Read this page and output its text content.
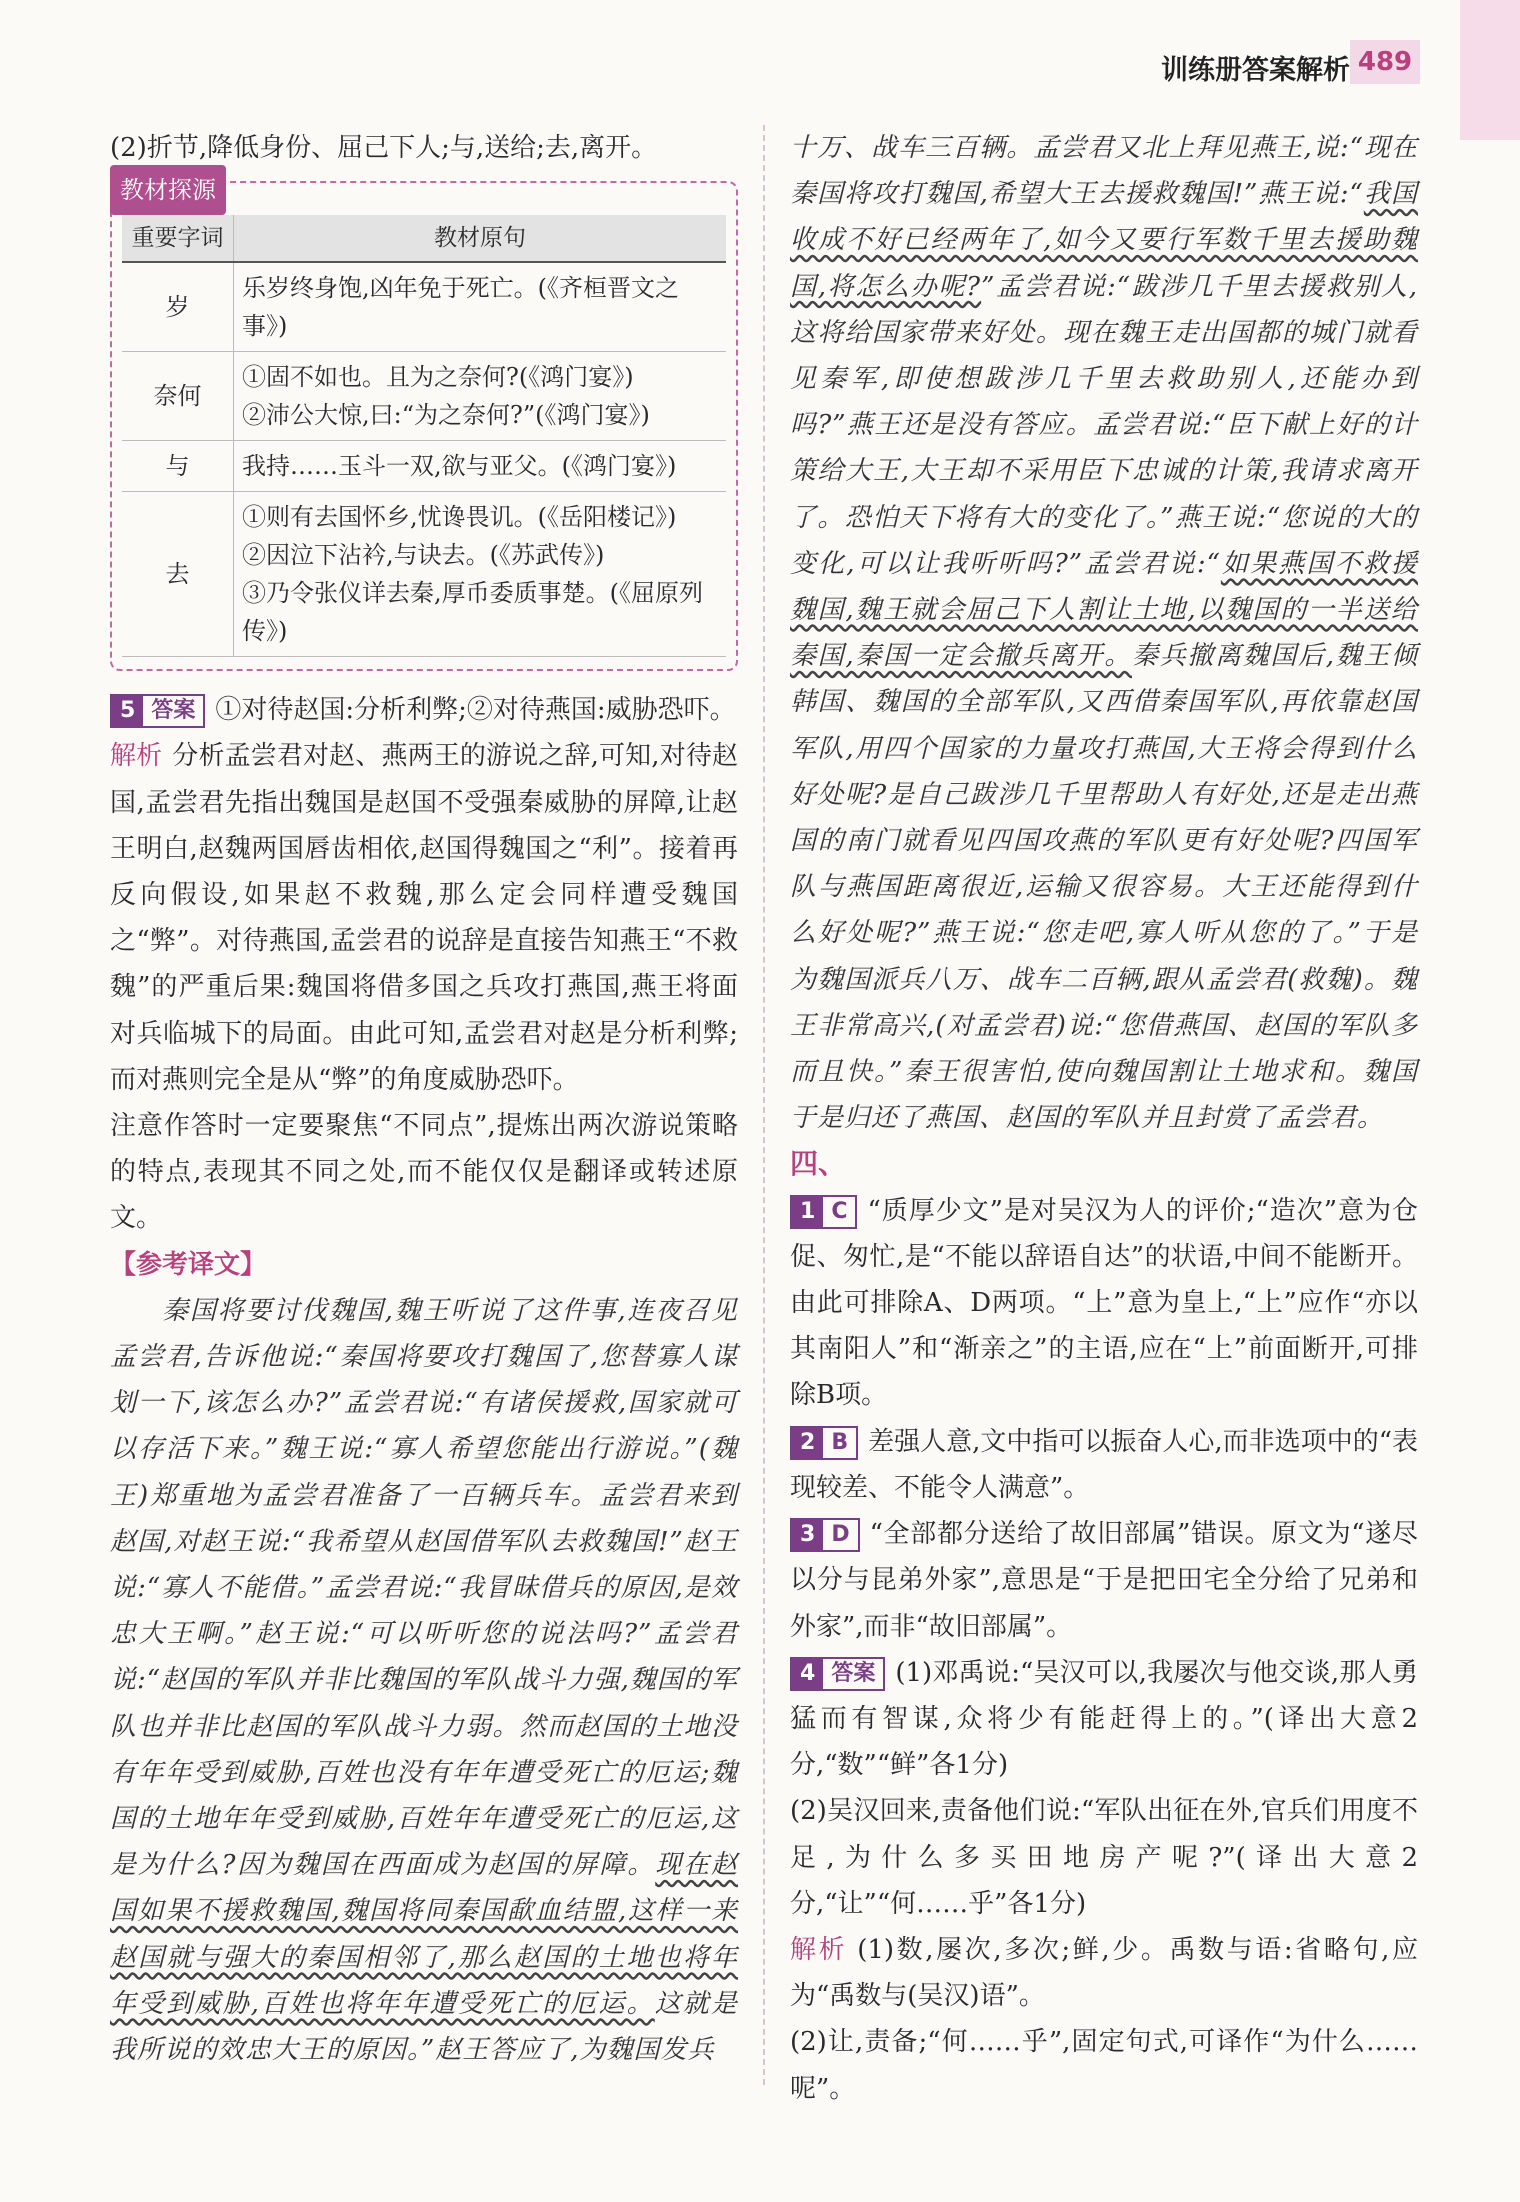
训练册答案解析 489

(2)折节,降低身份、屈己下人;与,送给;去,离开。

教材探源
重要字词	教材原句
岁	乐岁终身饱,凶年免于死亡。(《齐桓晋文之事》)

奈何	①固不如也。且为之奈何?(《鸿门宴》)
②沛公大惊,曰:“为之奈何?”(《鸿门宴》)

与	我持……玉斗一双,欲与亚父。(《鸿门宴》)

去	①则有去国怀乡,忧谗畏讥。(《岳阳楼记》)
②因泣下沾衿,与诀去。(《苏武传》)
③乃令张仪详去秦,厚币委质事楚。(《屈原列传》)

5 答案 ①对待赵国:分析利弊;②对待燕国:威胁恐吓。

解析 分析孟尝君对赵、燕两王的游说之辞,可知,对待赵国,孟尝君先指出魏国是赵国不受强秦威胁的屏障,让赵王明白,赵魏两国唇齿相依,赵国得魏国之“利”。接着再反向假设,如果赵不救魏,那么定会同样遭受魏国之“弊”。对待燕国,孟尝君的说辞是直接告知燕王“不救魏”的严重后果:魏国将借多国之兵攻打燕国,燕王将面对兵临城下的局面。由此可知,孟尝君对赵是分析利弊;而对燕则完全是从“弊”的角度威胁恐吓。

注意作答时一定要聚焦“不同点”,提炼出两次游说策略的特点,表现其不同之处,而不能仅仅是翻译或转述原文。

【参考译文】

秦国将要讨伐魏国,魏王听说了这件事,连夜召见孟尝君,告诉他说:“秦国将要攻打魏国了,您替寡人谋划一下,该怎么办?”孟尝君说:“有诸侯援救,国家就可以存活下来。”魏王说:“寡人希望您能出行游说。”(魏王)郑重地为孟尝君准备了一百辆兵车。孟尝君来到赵国,对赵王说:“我希望从赵国借军队去救魏国!”赵王说:“寡人不能借。”孟尝君说:“我冒昧借兵的原因,是效忠大王啊。”赵王说:“可以听听您的说法吗?”孟尝君说:“赵国的军队并非比魏国的军队战斗力强,魏国的军队也并非比赵国的军队战斗力弱。然而赵国的土地没有年年受到威胁,百姓也没有年年遭受死亡的厄运;魏国的土地年年受到威胁,百姓年年遭受死亡的厄运,这是为什么?因为魏国在西面成为赵国的屏障。现在赵国如果不援救魏国,魏国将同秦国歃血结盟,这样一来赵国就与强大的秦国相邻了,那么赵国的土地也将年年受到威胁,百姓也将年年遭受死亡的厄运。这就是我所说的效忠大王的原因。”赵王答应了,为魏国发兵

十万、战车三百辆。孟尝君又北上拜见燕王,说:“现在秦国将攻打魏国,希望大王去援救魏国!”燕王说:“我国收成不好已经两年了,如今又要行军数千里去援助魏国,将怎么办呢?”孟尝君说:“跋涉几千里去援救别人,这将给国家带来好处。现在魏王走出国都的城门就看见秦军,即使想跋涉几千里去救助别人,还能办到吗?”燕王还是没有答应。孟尝君说:“臣下献上好的计策给大王,大王却不采用臣下忠诚的计策,我请求离开了。恐怕天下将有大的变化了。”燕王说:“您说的大的变化,可以让我听听吗?”孟尝君说:“如果燕国不救援魏国,魏王就会屈己下人割让土地,以魏国的一半送给秦国,秦国一定会撤兵离开。秦兵撤离魏国后,魏王倾韩国、魏国的全部军队,又西借秦国军队,再依靠赵国军队,用四个国家的力量攻打燕国,大王将会得到什么好处呢?是自己跋涉几千里帮助人有好处,还是走出燕国的南门就看见四国攻燕的军队更有好处呢?四国军队与燕国距离很近,运输又很容易。大王还能得到什么好处呢?”燕王说:“您走吧,寡人听从您的了。”于是为魏国派兵八万、战车二百辆,跟从孟尝君(救魏)。魏王非常高兴,(对孟尝君)说:“您借燕国、赵国的军队多而且快。”秦王很害怕,使向魏国割让土地求和。魏国于是归还了燕国、赵国的军队并且封赏了孟尝君。

四、

1 C “质厚少文”是对吴汉为人的评价;“造次”意为仓促、匆忙,是“不能以辞语自达”的状语,中间不能断开。由此可排除A、D两项。“上”意为皇上,“上”应作“亦以其南阳人”和“渐亲之”的主语,应在“上”前面断开,可排除B项。

2 B 差强人意,文中指可以振奋人心,而非选项中的“表现较差、不能令人满意”。

3 D “全部都分送给了故旧部属”错误。原文为“遂尽以分与昆弟外家”,意思是“于是把田宅全分给了兄弟和外家”,而非“故旧部属”。

4 答案 (1)邓禹说:“吴汉可以,我屡次与他交谈,那人勇猛而有智谋,众将少有能赶得上的。”(译出大意2分,“数”“鲜”各1分)

(2)吴汉回来,责备他们说:“军队出征在外,官兵们用度不足,为什么多买田地房产呢?”(译出大意2分,“让”“何……乎”各1分)

解析 (1)数,屡次,多次;鲜,少。禹数与语:省略句,应为“禹数与(吴汉)语”。

(2)让,责备;“何……乎”,固定句式,可译作“为什么……呢”。
